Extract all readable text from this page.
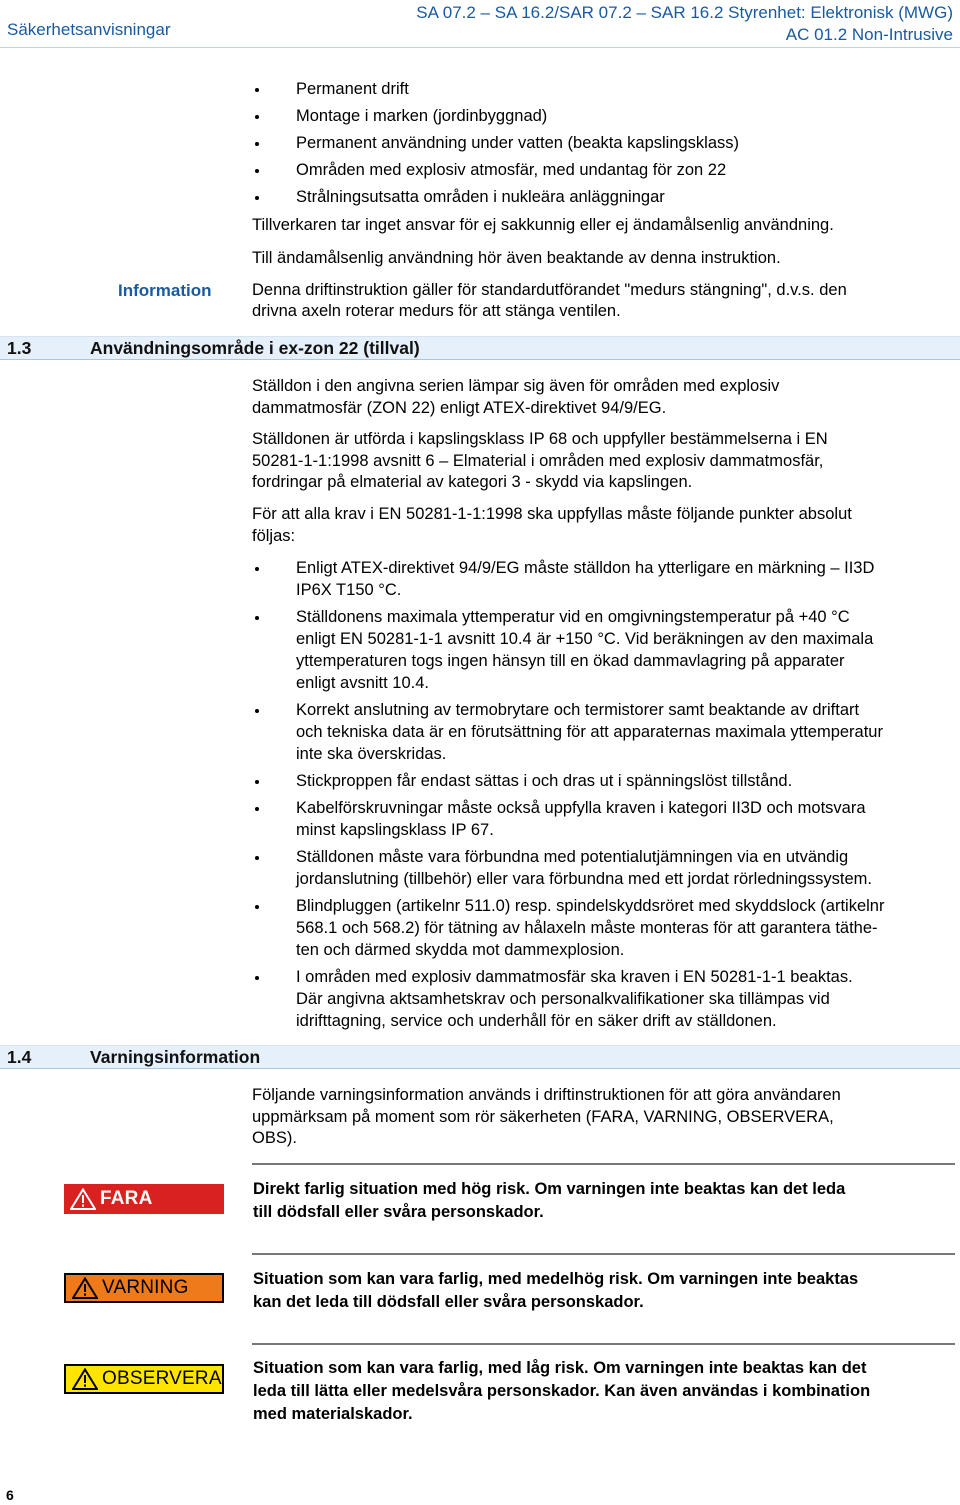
Säkerhetsanvisningar
SA 07.2 – SA 16.2/SAR 07.2 – SAR 16.2 Styrenhet: Elektronisk (MWG)
AC 01.2 Non-Intrusive
Permanent drift
Montage i marken (jordinbyggnad)
Permanent användning under vatten (beakta kapslingsklass)
Områden med explosiv atmosfär, med undantag för zon 22
Strålningsutsatta områden i nukleära anläggningar
Tillverkaren tar inget ansvar för ej sakkunnig eller ej ändamålsenlig användning.
Till ändamålsenlig användning hör även beaktande av denna instruktion.
Information Denna driftinstruktion gäller för standardutförandet "medurs stängning", d.v.s. den
drivna axeln roterar medurs för att stänga ventilen.
1.3	Användningsområde i ex-zon 22 (tillval)
Ställdon i den angivna serien lämpar sig även för områden med explosiv
dammatmosfär (ZON 22) enligt ATEX-direktivet 94/9/EG.
Ställdonen är utförda i kapslingsklass IP 68 och uppfyller bestämmelserna i EN
50281-1-1:1998 avsnitt 6 – Elmaterial i områden med explosiv dammatmosfär,
fordringar på elmaterial av kategori 3 - skydd via kapslingen.
För att alla krav i EN 50281-1-1:1998 ska uppfyllas måste följande punkter absolut
följas:
Enligt ATEX-direktivet 94/9/EG måste ställdon ha ytterligare en märkning – II3D
IP6X T150 °C.
Ställdonens maximala yttemperatur vid en omgivningstemperatur på +40 °C
enligt EN 50281-1-1 avsnitt 10.4 är +150 °C. Vid beräkningen av den maximala
yttemperaturen togs ingen hänsyn till en ökad dammavlagring på apparater
enligt avsnitt 10.4.
Korrekt anslutning av termobrytare och termistorer samt beaktande av driftart
och tekniska data är en förutsättning för att apparaternas maximala yttemperatur
inte ska överskridas.
Stickproppen får endast sättas i och dras ut i spänningslöst tillstånd.
Kabelförskruvningar måste också uppfylla kraven i kategori II3D och motsvara
minst kapslingsklass IP 67.
Ställdonen måste vara förbundna med potentialutjämningen via en utvändig
jordanslutning (tillbehör) eller vara förbundna med ett jordat rörledningssystem.
Blindpluggen (artikelnr 511.0) resp. spindelskyddsröret med skyddslock (artikelnr
568.1 och 568.2) för tätning av hålaxeln måste monteras för att garantera täthe-
ten och därmed skydda mot dammexplosion.
I områden med explosiv dammatmosfär ska kraven i EN 50281-1-1 beaktas.
Där angivna aktsamhetskrav och personalkvalifikationer ska tillämpas vid
idrifttagning, service och underhåll för en säker drift av ställdonen.
1.4	Varningsinformation
Följande varningsinformation används i driftinstruktionen för att göra användaren
uppmärksam på moment som rör säkerheten (FARA, VARNING, OBSERVERA,
OBS).
FARA	Direkt farlig situation med hög risk. Om varningen inte beaktas kan det leda
till dödsfall eller svåra personskador.
VARNING	Situation som kan vara farlig, med medelhög risk. Om varningen inte beaktas
kan det leda till dödsfall eller svåra personskador.
OBSERVERA Situation som kan vara farlig, med låg risk. Om varningen inte beaktas kan det
leda till lätta eller medelsvåra personskador. Kan även användas i kombination
med materialskador.
6
